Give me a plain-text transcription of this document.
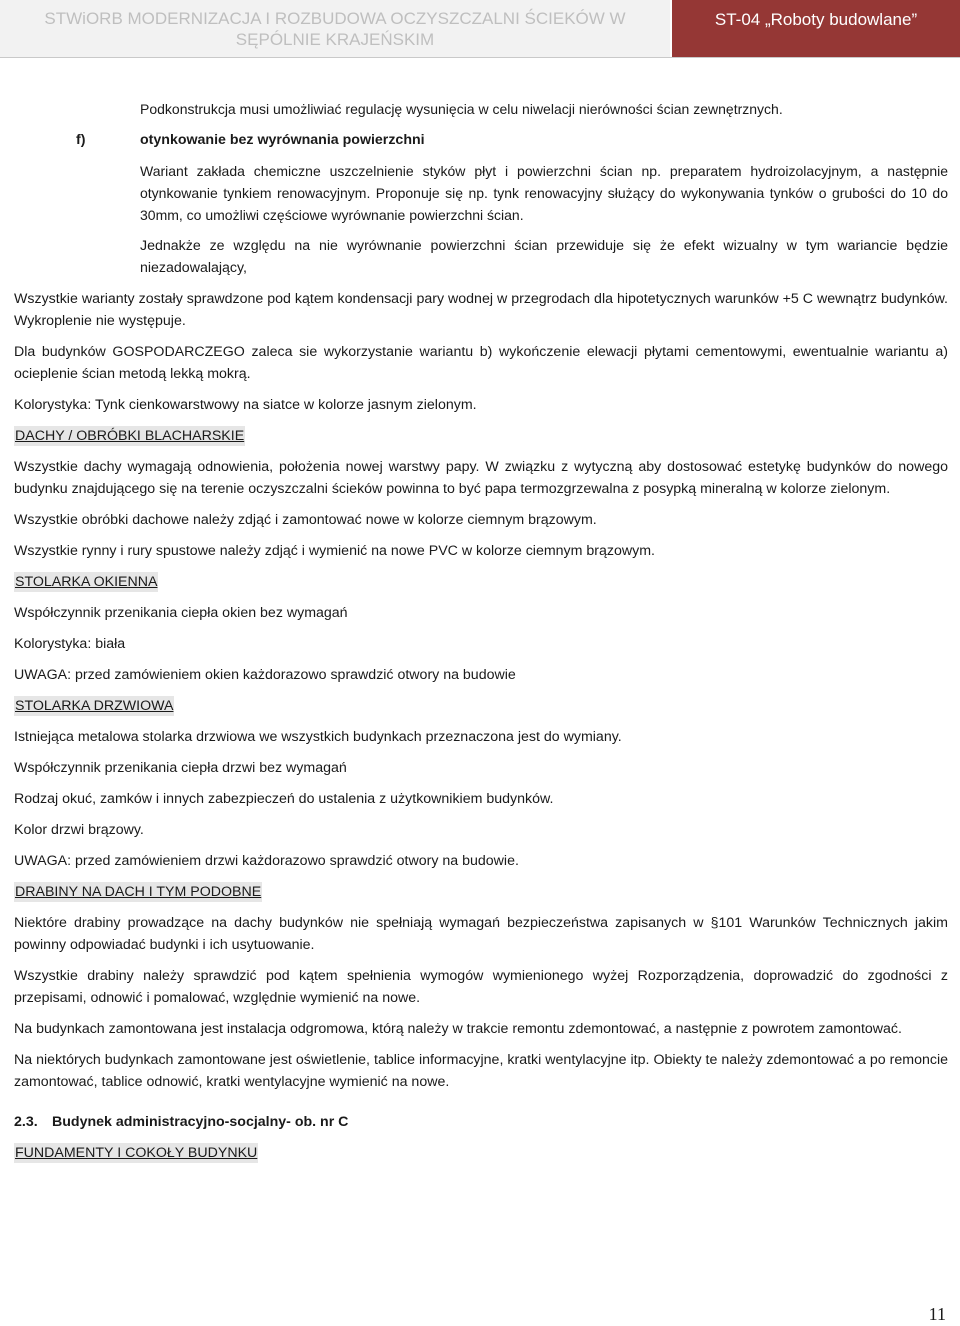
STWiORB MODERNIZACJA I ROZBUDOWA OCZYSZCZALNI ŚCIEKÓW W
SĘPÓLNIE KRAJEŃSKIM
ST-04 „Roboty budowlane”

Podkonstrukcja musi umożliwiać regulację wysunięcia w celu niwelacji nierówności ścian zewnętrznych.

f)	otynkowanie bez wyrównania powierzchni

Wariant zakłada chemiczne uszczelnienie styków płyt i powierzchni ścian np. preparatem hydroizolacyjnym, a następnie otynkowanie tynkiem renowacyjnym. Proponuje się np. tynk renowacyjny służący do wykonywania tynków o grubości do 10 do 30mm, co umożliwi częściowe wyrównanie powierzchni ścian.

Jednakże ze względu na nie wyrównanie powierzchni ścian przewiduje się że efekt wizualny w tym wariancie będzie niezadowalający,

Wszystkie warianty zostały sprawdzone pod kątem kondensacji pary wodnej w przegrodach dla hipotetycznych warunków +5 C wewnątrz budynków. Wykroplenie nie występuje.

Dla budynków GOSPODARCZEGO zaleca sie wykorzystanie wariantu b) wykończenie elewacji płytami cementowymi, ewentualnie wariantu a) ocieplenie ścian metodą lekką mokrą.

Kolorystyka: Tynk cienkowarstwowy na siatce w kolorze jasnym zielonym.

DACHY / OBRÓBKI BLACHARSKIE

Wszystkie dachy wymagają odnowienia, położenia nowej warstwy papy. W związku z wytyczną aby dostosować estetykę budynków do nowego budynku znajdującego się na terenie oczyszczalni ścieków powinna to być papa termozgrzewalna z posypką mineralną w kolorze zielonym.

Wszystkie obróbki dachowe należy zdjąć i zamontować nowe w kolorze ciemnym brązowym.

Wszystkie rynny i rury spustowe należy zdjąć i wymienić na nowe PVC w kolorze ciemnym brązowym.

STOLARKA OKIENNA

Współczynnik przenikania ciepła okien bez wymagań

Kolorystyka: biała

UWAGA: przed zamówieniem okien każdorazowo sprawdzić otwory na budowie

STOLARKA DRZWIOWA

Istniejąca metalowa stolarka drzwiowa we wszystkich budynkach przeznaczona jest do wymiany.

Współczynnik przenikania ciepła drzwi bez wymagań

Rodzaj okuć, zamków i innych zabezpieczeń do ustalenia z użytkownikiem budynków.

Kolor drzwi brązowy.

UWAGA: przed zamówieniem drzwi każdorazowo sprawdzić otwory na budowie.

DRABINY NA DACH I TYM PODOBNE

Niektóre drabiny prowadzące na dachy budynków nie spełniają wymagań bezpieczeństwa zapisanych w §101 Warunków Technicznych jakim powinny odpowiadać budynki i ich usytuowanie.

Wszystkie drabiny należy sprawdzić pod kątem spełnienia wymogów wymienionego wyżej Rozporządzenia, doprowadzić do zgodności z przepisami, odnowić i pomalować, względnie wymienić na nowe.

Na budynkach zamontowana jest instalacja odgromowa, którą należy w trakcie remontu zdemontować, a następnie z powrotem zamontować.

Na niektórych budynkach zamontowane jest oświetlenie, tablice informacyjne, kratki wentylacyjne itp. Obiekty te należy zdemontować a po remoncie zamontować, tablice odnowić, kratki wentylacyjne wymienić na nowe.

2.3. Budynek administracyjno-socjalny- ob. nr C
FUNDAMENTY I COKOŁY BUDYNKU
11
